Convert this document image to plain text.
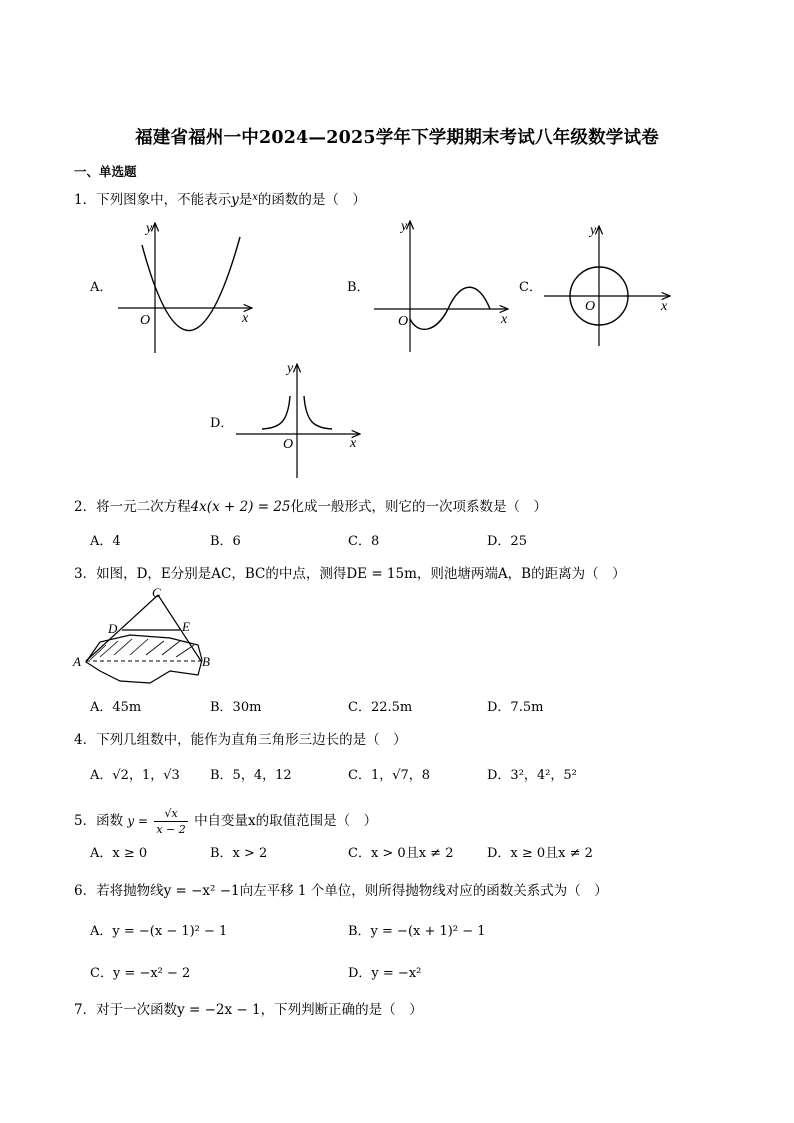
福建省福州一中2024—2025学年下学期期末考试八年级数学试卷
一、单选题
1．下列图象中，不能表示y是$^x$的函数的是（　）
A．	B．	C．
D．
y
x
O
y
x
O
y
x
O
y
x
O
2．将一元二次方程4x(x + 2) = 25化成一般形式，则它的一次项系数是（　）
A．4	B．6	C．8	D．25
3．如图，D，E分别是AC，BC的中点，测得DE = 15m，则池塘两端A，B的距离为（　）
C
D	E
A	B
A．45m	B．30m	C．22.5m	D．7.5m
4．下列几组数中，能作为直角三角形三边长的是（　）
A．√2，1，√3 B．5，4，12	C．1，√7，8	D．3²，4²，5²
5．函数 $y = \frac{√x}{x - 2}$ 中自变量x的取值范围是（　）
A．x ≥ 0	B．x > 2	C．x > 0且x ≠ 2	D．x ≥ 0且x ≠ 2
6．若将抛物线y = −x² −1向左平移 1 个单位，则所得抛物线对应的函数关系式为（　）
A．y = −(x − 1)² − 1	B．y = −(x + 1)² − 1
C．y = −x² − 2	D．y = −x²
7．对于一次函数y = −2x − 1，下列判断正确的是（　）
